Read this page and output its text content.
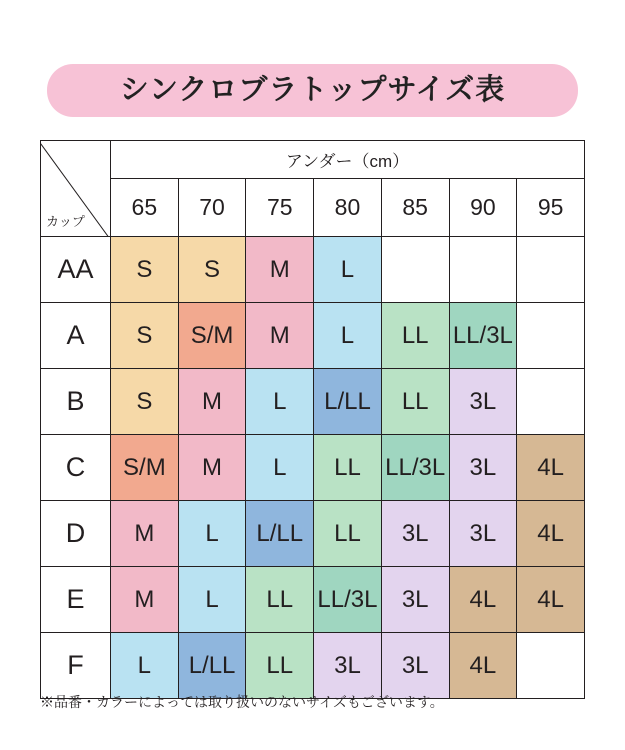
シンクロブラトップサイズ表
カップ	アンダー（cm）						
	65	70	75	80	85	90	95
AA	S	S	M	L			
A	S	S/M	M	L	LL	LL/3L	
B	S	M	L	L/LL	LL	3L	
C	S/M	M	L	LL	LL/3L	3L	4L
D	M	L	L/LL	LL	3L	3L	4L
E	M	L	LL	LL/3L	3L	4L	4L
F	L	L/LL	LL	3L	3L	4L	
※品番・カラーによっては取り扱いのないサイズもございます。
